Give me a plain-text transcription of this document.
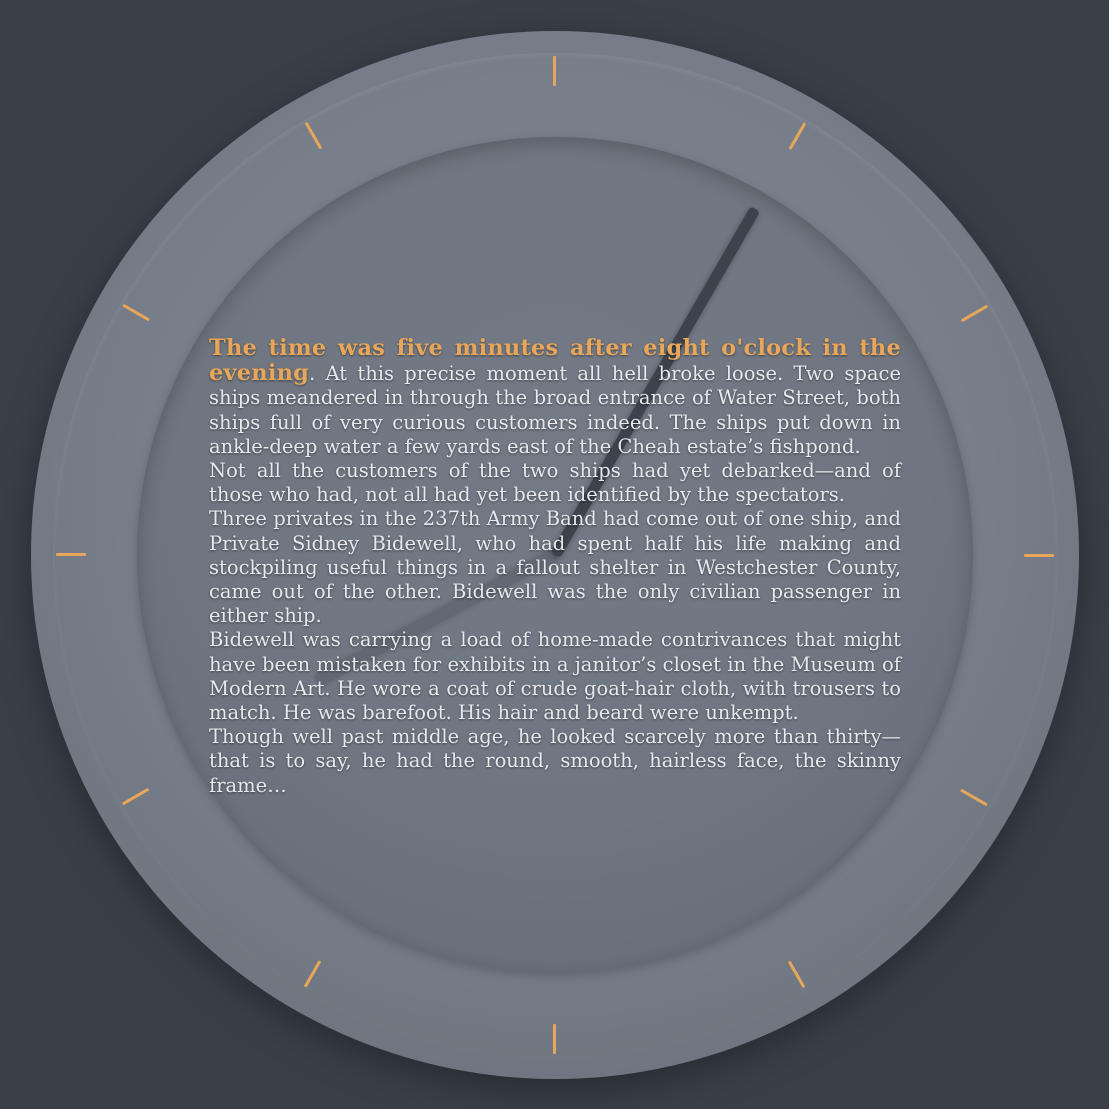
The time was five minutes after eight o'clock in the evening. At this precise moment all hell broke loose. Two space ships meandered in through the broad entrance of Water Street, both ships full of very curious customers indeed. The ships put down in ankle-deep water a few yards east of the Cheah estate’s fishpond.

Not all the customers of the two ships had yet debarked—and of those who had, not all had yet been identified by the spectators.

Three privates in the 237th Army Band had come out of one ship, and Private Sidney Bidewell, who had spent half his life making and stockpiling useful things in a fallout shelter in Westchester County, came out of the other. Bidewell was the only civilian passenger in either ship.

Bidewell was carrying a load of home-made contrivances that might have been mistaken for exhibits in a janitor’s closet in the Museum of Modern Art. He wore a coat of crude goat-hair cloth, with trousers to match. He was barefoot. His hair and beard were unkempt.

Though well past middle age, he looked scarcely more than thirty—that is to say, he had the round, smooth, hairless face, the skinny frame…
